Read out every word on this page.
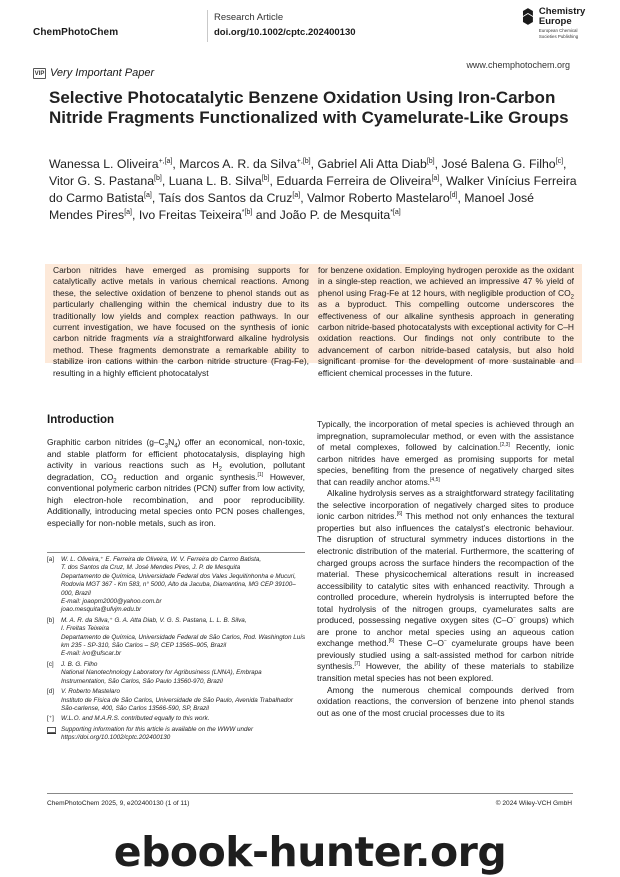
ChemPhotoChem
Research Article
doi.org/10.1002/cptc.202400130
Chemistry Europe
European Chemical
Societies Publishing
VIP Very Important Paper
www.chemphotochem.org
Selective Photocatalytic Benzene Oxidation Using Iron-Carbon Nitride Fragments Functionalized with Cyamelurate-Like Groups

Wanessa L. Oliveira$^{+,[a]}$, Marcos A. R. da Silva$^{+,[b]}$, Gabriel Ali Atta Diab[b], José Balena G. Filho[c], Vitor G. S. Pastana[b], Luana L. B. Silva[b], Eduarda Ferreira de Oliveira[a], Walker Vinícius Ferreira do Carmo Batista[a], Taís dos Santos da Cruz[a], Valmor Roberto Mastelaro[d], Manoel José Mendes Pires[a], Ivo Freitas Teixeira$^{*[b]}$ and João P. de Mesquita$^{*[a]}$

Carbon nitrides have emerged as promising supports for catalytically active metals in various chemical reactions. Among these, the selective oxidation of benzene to phenol stands out as particularly challenging within the chemical industry due to its traditionally low yields and complex reaction pathways. In our current investigation, we have focused on the synthesis of ionic carbon nitride fragments via a straightforward alkaline hydrolysis method. These fragments demonstrate a remarkable ability to stabilize iron cations within the carbon nitride structure (Frag-Fe), resulting in a highly efficient photocatalyst
for benzene oxidation. Employing hydrogen peroxide as the oxidant in a single-step reaction, we achieved an impressive 47 % yield of phenol using Frag-Fe at 12 hours, with negligible production of $CO_2$ as a byproduct. This compelling outcome underscores the effectiveness of our alkaline synthesis approach in generating carbon nitride-based photocatalysts with exceptional activity for C–H oxidation reactions. Our findings not only contribute to the advancement of carbon nitride-based catalysis, but also hold significant promise for the development of more sustainable and efficient chemical processes in the future.
Introduction

Graphitic carbon nitrides $(g-C_3N_4)$ offer an economical, non-toxic, and stable platform for efficient photocatalysis, displaying high activity in various reactions such as $H_2$ evolution, pollutant degradation, $CO_2$ reduction and organic synthesis.[1] However, conventional polymeric carbon nitrides (PCN) suffer from low activity, high electron-hole recombination, and poor reproducibility. Additionally, introducing metal species onto PCN poses challenges, especially for non-noble metals, such as iron.

[a]	W. L. Oliveira,⁺ E. Ferreira de Oliveira, W. V. Ferreira do Carmo Batista,
T. dos Santos da Cruz, M. José Mendes Pires, J. P. de Mesquita
Departamento de Química, Universidade Federal dos Vales Jequitinhonha e Mucuri, Rodovia MGT 367 - Km 583, n° 5000, Alto da Jacuba, Diamantina, MG CEP 39100–000, Brazil
E-mail: joaopm2000@yahoo.com.br
joao.mesquita@ufvjm.edu.br
[b]	M. A. R. da Silva,⁺ G. A. Atta Diab, V. G. S. Pastana, L. L. B. Silva,
I. Freitas Teixeira
Departamento de Química, Universidade Federal de São Carlos, Rod. Washington Luís km 235 - SP-310, São Carlos – SP, CEP 13565–905, Brazil
E-mail: ivo@ufscar.br
[c]	J. B. G. Filho
National Nanotechnology Laboratory for Agribusiness (LNNA), Embrapa Instrumentation, São Carlos, São Paulo 13560-970, Brazil
[d]	V. Roberto Mastelaro
Instituto de Física de São Carlos, Universidade de São Paulo, Avenida Trabalhador São-carlense, 400, São Carlos 13566-590, SP, Brazil
[⁺]	W.L.O. and M.A.R.S. contributed equally to this work.
Supporting information for this article is available on the WWW under https://doi.org/10.1002/cptc.202400130

Typically, the incorporation of metal species is achieved through an impregnation, supramolecular method, or even with the assistance of metal complexes, followed by calcination.[2,3] Recently, ionic carbon nitrides have emerged as promising supports for metal species, benefiting from the presence of negatively charged sites that can readily anchor atoms.[4,5]

Alkaline hydrolysis serves as a straightforward strategy facilitating the selective incorporation of negatively charged sites to produce ionic carbon nitrides.[6] This method not only enhances the textural properties but also influences the catalyst’s electronic behaviour. The disruption of structural symmetry induces distortions in the electronic distribution of the material. Furthermore, the scattering of charged groups across the surface hinders the recompaction of the material. These physicochemical alterations result in increased accessibility to catalytic sites with enhanced reactivity. Through a controlled procedure, wherein hydrolysis is interrupted before the total hydrolysis of the nitrogen groups, cyamelurates salts are produced, possessing negative oxygen sites (C–O− groups) which are prone to anchor metal species using an aqueous cation exchange method.[6] These C–O− cyamelurate groups have been previously studied using a salt-assisted method for carbon nitride synthesis.[7] However, the ability of these materials to stabilize transition metal species has not been explored.

Among the numerous chemical compounds derived from oxidation reactions, the conversion of benzene into phenol stands out as one of the most crucial processes due to its

ChemPhotoChem 2025, 9, e202400130 (1 of 11)	© 2024 Wiley-VCH GmbH
ebook-hunter.org
